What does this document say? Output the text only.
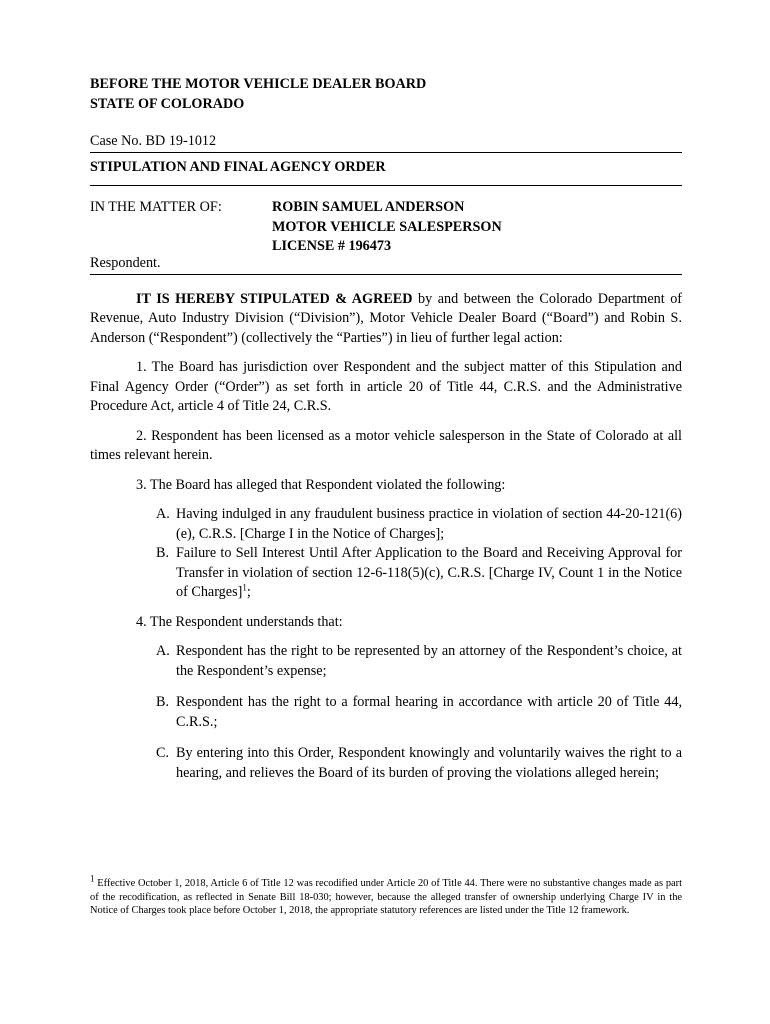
BEFORE THE MOTOR VEHICLE DEALER BOARD
STATE OF COLORADO
Case No. BD 19-1012
STIPULATION AND FINAL AGENCY ORDER
IN THE MATTER OF:	ROBIN SAMUEL ANDERSON
MOTOR VEHICLE SALESPERSON
LICENSE # 196473
Respondent.

IT IS HEREBY STIPULATED & AGREED by and between the Colorado Department of Revenue, Auto Industry Division (“Division”), Motor Vehicle Dealer Board (“Board”) and Robin S. Anderson (“Respondent”) (collectively the “Parties”) in lieu of further legal action:

1. The Board has jurisdiction over Respondent and the subject matter of this Stipulation and Final Agency Order (“Order”) as set forth in article 20 of Title 44, C.R.S. and the Administrative Procedure Act, article 4 of Title 24, C.R.S.

2. Respondent has been licensed as a motor vehicle salesperson in the State of Colorado at all times relevant herein.

3. The Board has alleged that Respondent violated the following:

A. Having indulged in any fraudulent business practice in violation of section 44-20-121(6)(e), C.R.S. [Charge I in the Notice of Charges];
B. Failure to Sell Interest Until After Application to the Board and Receiving Approval for Transfer in violation of section 12-6-118(5)(c), C.R.S. [Charge IV, Count 1 in the Notice of Charges]$^1$;

4. The Respondent understands that:

A. Respondent has the right to be represented by an attorney of the Respondent’s choice, at the Respondent’s expense;
B. Respondent has the right to a formal hearing in accordance with article 20 of Title 44, C.R.S.;
C. By entering into this Order, Respondent knowingly and voluntarily waives the right to a hearing, and relieves the Board of its burden of proving the violations alleged herein;
$^1$ Effective October 1, 2018, Article 6 of Title 12 was recodified under Article 20 of Title 44. There were no substantive changes made as part of the recodification, as reflected in Senate Bill 18-030; however, because the alleged transfer of ownership underlying Charge IV in the Notice of Charges took place before October 1, 2018, the appropriate statutory references are listed under the Title 12 framework.
